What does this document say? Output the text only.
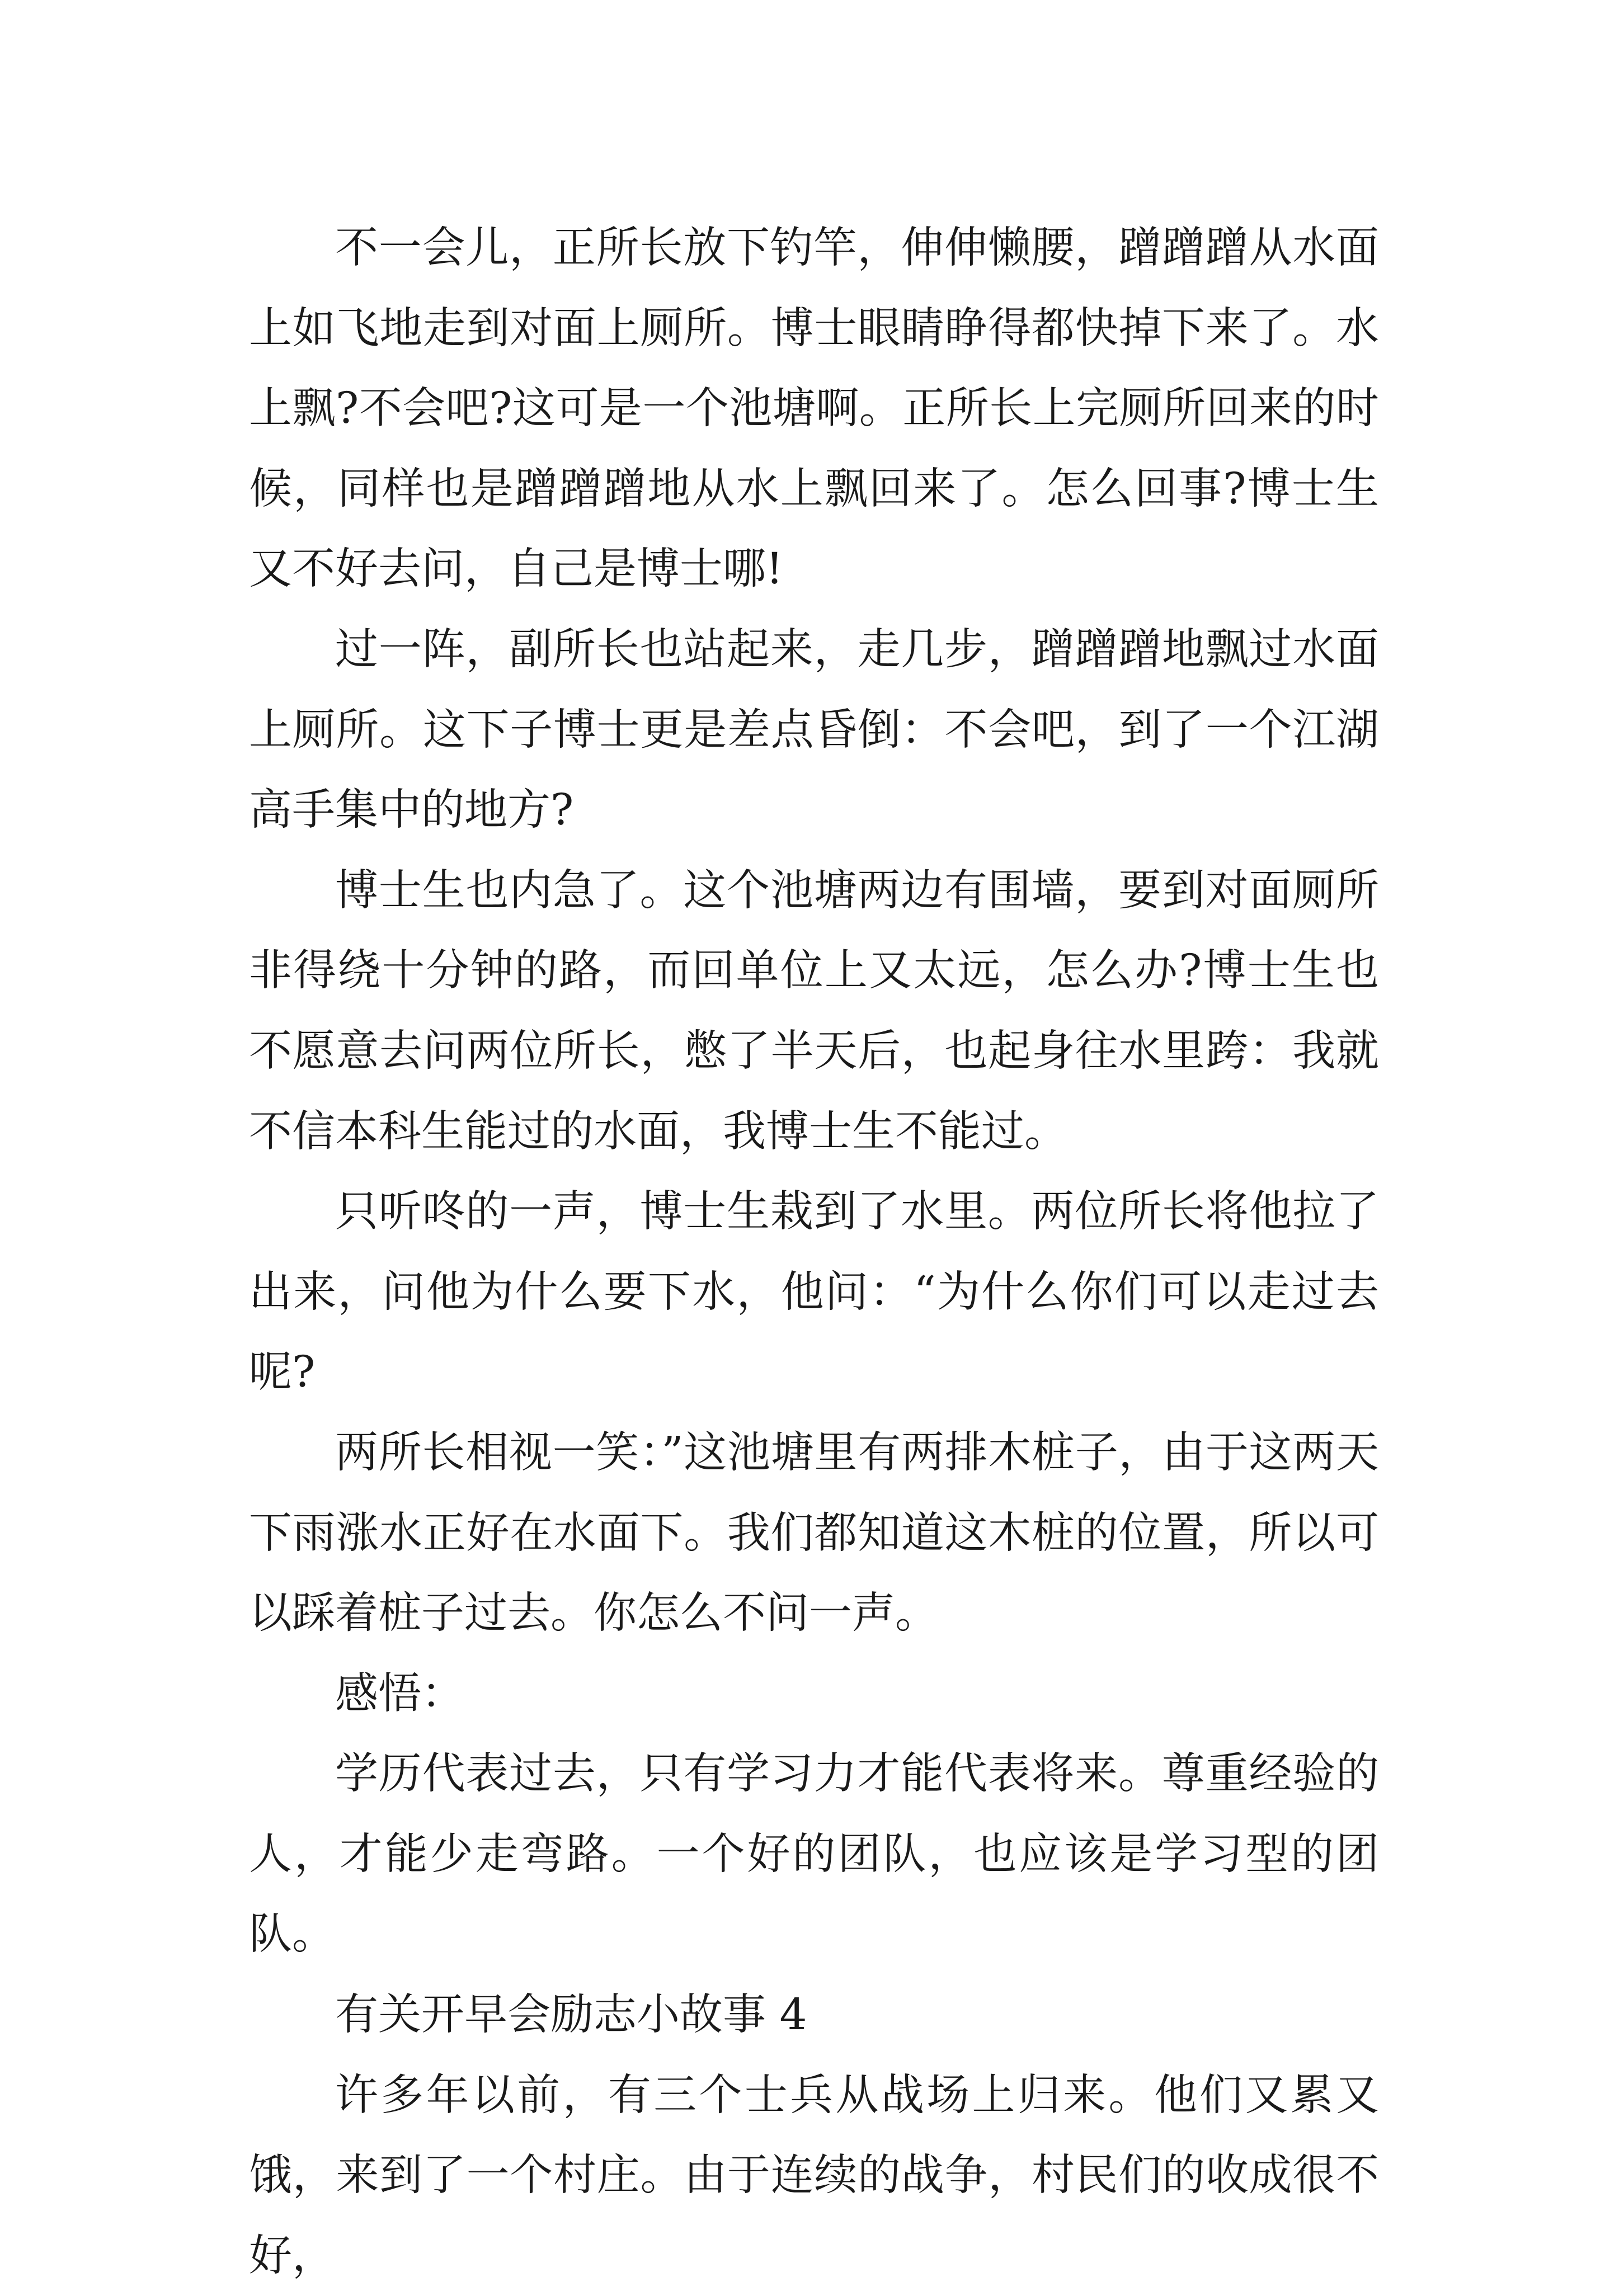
不一会儿，正所长放下钓竿，伸伸懒腰，蹭蹭蹭从水面上如飞地走到对面上厕所。博士眼睛睁得都快掉下来了。水上飘?不会吧?这可是一个池塘啊。正所长上完厕所回来的时候，同样也是蹭蹭蹭地从水上飘回来了。怎么回事?博士生又不好去问，自己是博士哪!

过一阵，副所长也站起来，走几步，蹭蹭蹭地飘过水面上厕所。这下子博士更是差点昏倒：不会吧，到了一个江湖高手集中的地方?

博士生也内急了。这个池塘两边有围墙，要到对面厕所非得绕十分钟的路，而回单位上又太远，怎么办?博士生也不愿意去问两位所长，憋了半天后，也起身往水里跨：我就不信本科生能过的水面，我博士生不能过。

只听咚的一声，博士生栽到了水里。两位所长将他拉了出来，问他为什么要下水，他问：“为什么你们可以走过去呢?

两所长相视一笑：”这池塘里有两排木桩子，由于这两天下雨涨水正好在水面下。我们都知道这木桩的位置，所以可以踩着桩子过去。你怎么不问一声。

感悟：

学历代表过去，只有学习力才能代表将来。尊重经验的人，才能少走弯路。一个好的团队，也应该是学习型的团队。

有关开早会励志小故事 4

许多年以前，有三个士兵从战场上归来。他们又累又饿，来到了一个村庄。由于连续的战争，村民们的收成很不好，
